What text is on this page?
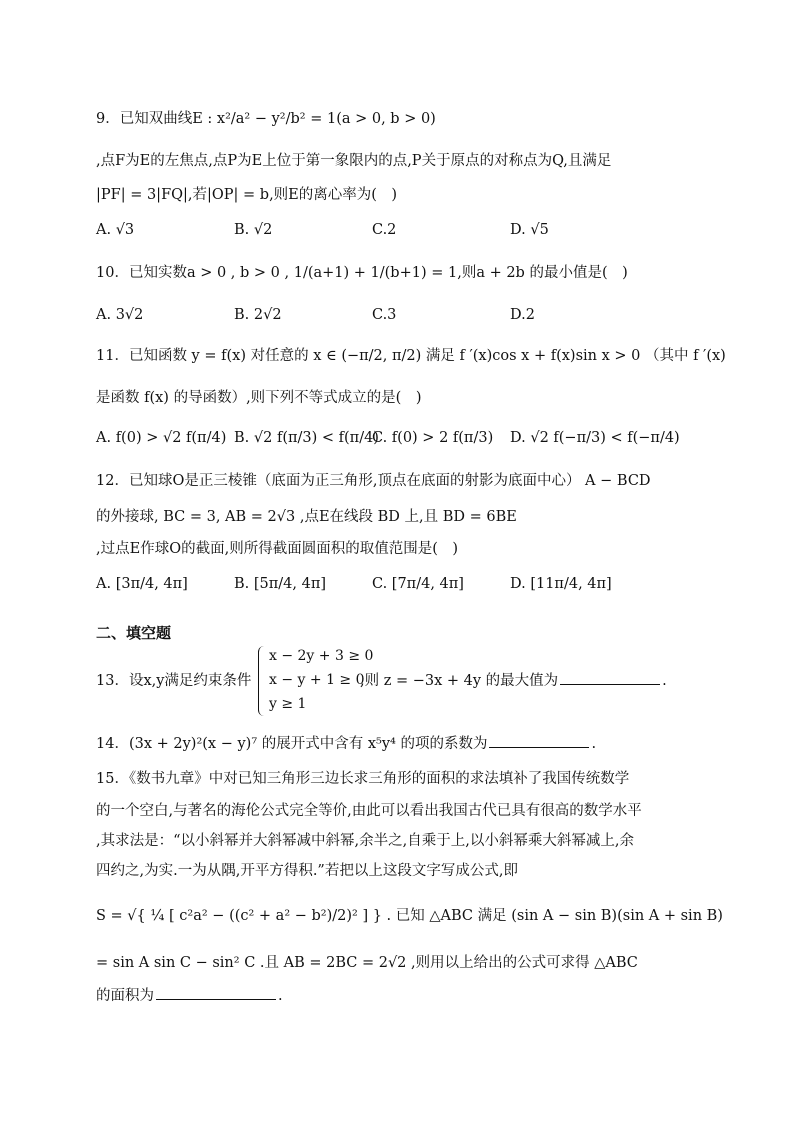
9．已知双曲线E : x²/a² − y²/b² = 1(a > 0, b > 0)
,点F为E的左焦点,点P为E上位于第一象限内的点,P关于原点的对称点为Q,且满足
|PF| = 3|FQ|,若|OP| = b,则E的离心率为(　)
A. √3	B. √2	C.2	D. √5
10．已知实数a > 0 , b > 0 , 1/(a+1) + 1/(b+1) = 1,则a + 2b 的最小值是(　)
A. 3√2	B. 2√2	C.3	D.2
11．已知函数 y = f(x) 对任意的 x ∈ (−π/2, π/2) 满足 f ′(x)cos x + f(x)sin x > 0 （其中 f ′(x)
是函数 f(x) 的导函数）,则下列不等式成立的是(　)
A. f(0) > √2 f(π/4) B. √2 f(π/3) < f(π/4)
C. f(0) > 2 f(π/3) D. √2 f(−π/3) < f(−π/4)
12．已知球O是正三棱锥（底面为正三角形,顶点在底面的射影为底面中心） A − BCD
的外接球, BC = 3, AB = 2√3 ,点E在线段 BD 上,且 BD = 6BE
,过点E作球O的截面,则所得截面圆面积的取值范围是(　)
A. [3π/4, 4π]	B. [5π/4, 4π]	C. [7π/4, 4π]	D. [11π/4, 4π]
二、填空题
13．设x,y满足约束条件
x − 2y + 3 ≥ 0
x − y + 1 ≥ 0
y ≥ 1
,则 z = −3x + 4y 的最大值为	.
14．(3x + 2y)²(x − y)⁷ 的展开式中含有 x⁵y⁴ 的项的系数为	.
15．《数书九章》中对已知三角形三边长求三角形的面积的求法填补了我国传统数学
的一个空白,与著名的海伦公式完全等价,由此可以看出我国古代已具有很高的数学水平
,其求法是：“以小斜幂并大斜幂减中斜幂,余半之,自乘于上,以小斜幂乘大斜幂减上,余
四约之,为实.一为从隅,开平方得积.”若把以上这段文字写成公式,即
S = √{ ¼ [ c²a² − ((c² + a² − b²)/2)² ] } . 已知 △ABC 满足 (sin A − sin B)(sin A + sin B)
= sin A sin C − sin² C .且 AB = 2BC = 2√2 ,则用以上给出的公式可求得 △ABC
的面积为	.
